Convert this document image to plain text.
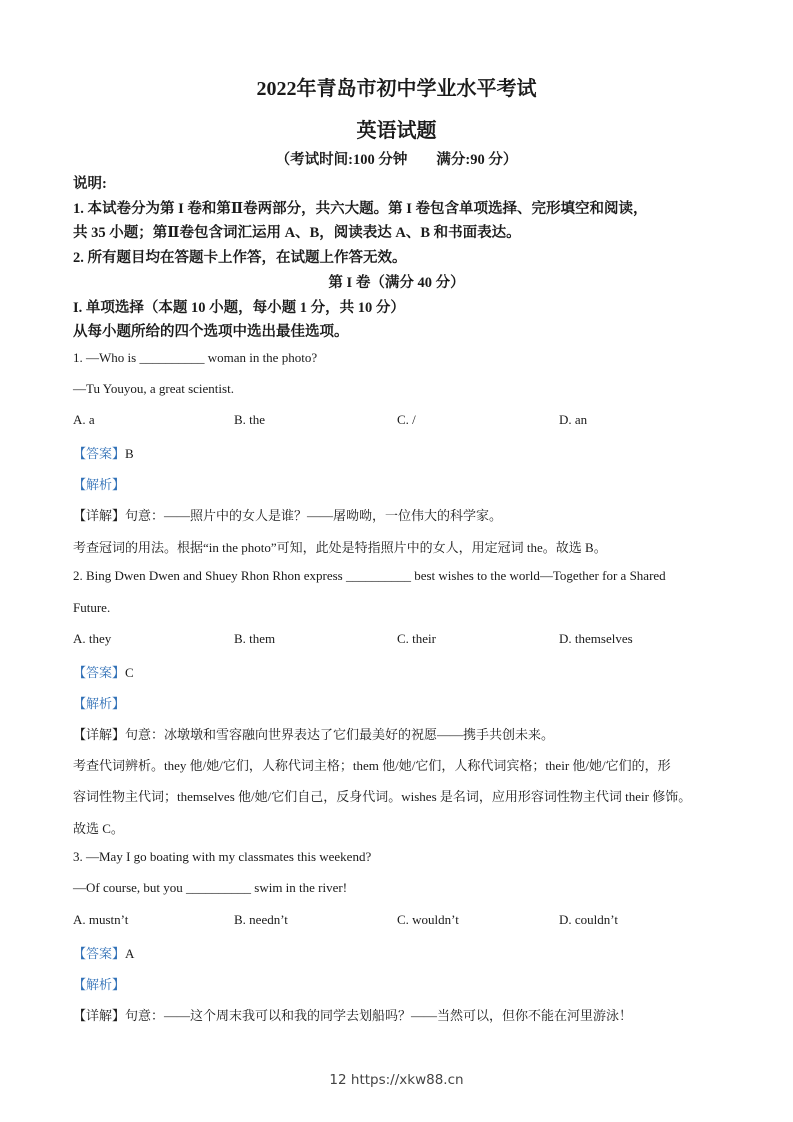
2022年青岛市初中学业水平考试
英语试题
（考试时间:100 分钟　　满分:90 分）
说明:
1. 本试卷分为第 I 卷和第Ⅱ卷两部分，共六大题。第 I 卷包含单项选择、完形填空和阅读，
共 35 小题；第Ⅱ卷包含词汇运用 A、B，阅读表达 A、B 和书面表达。
2. 所有题目均在答题卡上作答，在试题上作答无效。
第 I 卷（满分 40 分）
I. 单项选择（本题 10 小题，每小题 1 分，共 10 分）
从每小题所给的四个选项中选出最佳选项。
1. —Who is __________ woman in the photo?
—Tu Youyou, a great scientist.
A. a	B. the	C. /	D. an
【答案】B
【解析】
【详解】句意：——照片中的女人是谁？——屠呦呦，一位伟大的科学家。
考查冠词的用法。根据“in the photo”可知，此处是特指照片中的女人，用定冠词 the。故选 B。
2. Bing Dwen Dwen and Shuey Rhon Rhon express __________ best wishes to the world—Together for a Shared
Future.
A. they	B. them	C. their	D. themselves
【答案】C
【解析】
【详解】句意：冰墩墩和雪容融向世界表达了它们最美好的祝愿——携手共创未来。
考查代词辨析。they 他/她/它们，人称代词主格；them 他/她/它们，人称代词宾格；their 他/她/它们的，形
容词性物主代词；themselves 他/她/它们自己，反身代词。wishes 是名词，应用形容词性物主代词 their 修饰。
故选 C。
3. —May I go boating with my classmates this weekend?
—Of course, but you __________ swim in the river!
A. mustn’t	B. needn’t	C. wouldn’t	D. couldn’t
【答案】A
【解析】
【详解】句意：——这个周末我可以和我的同学去划船吗？——当然可以，但你不能在河里游泳！
12 https://xkw88.cn
